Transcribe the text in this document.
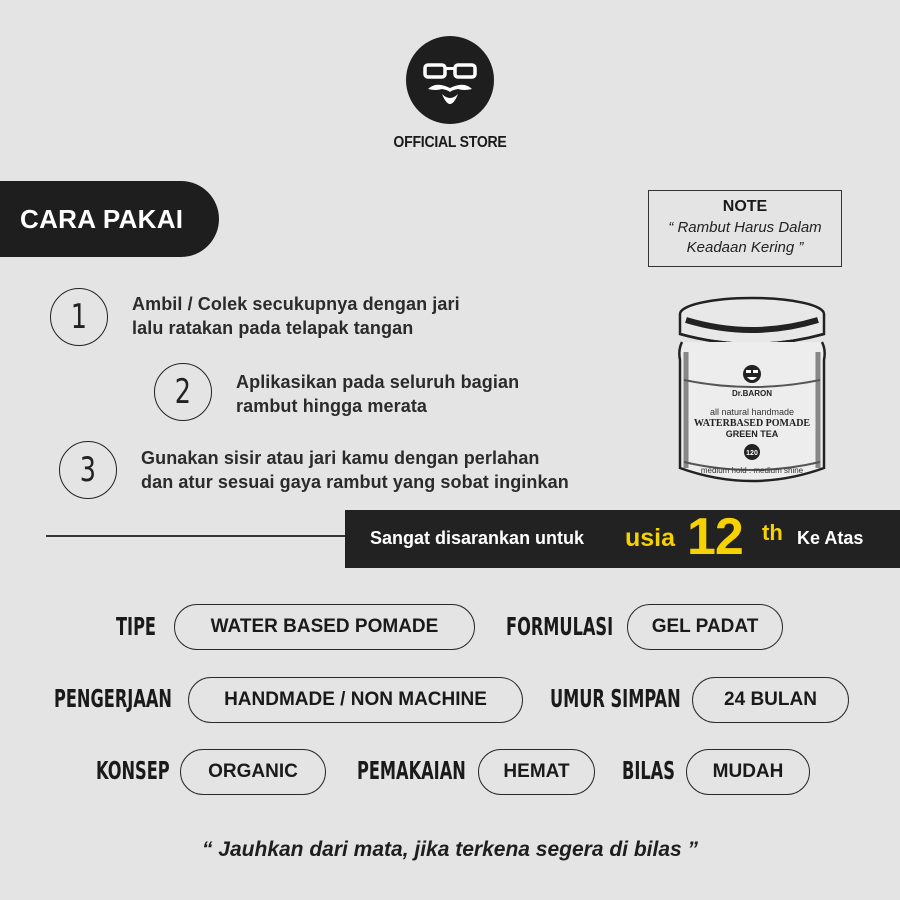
OFFICIAL STORE
CARA PAKAI	NOTE
“ Rambut Harus Dalam
Keadaan Kering ”
1	Ambil / Colek secukupnya dengan jari
lalu ratakan pada telapak tangan
2	Aplikasikan pada seluruh bagian
rambut hingga merata
3	Gunakan sisir atau jari kamu dengan perlahan
dan atur sesuai gaya rambut yang sobat inginkan
Dr.BARON
all natural handmade
WATERBASED POMADE
GREEN TEA
120
medium hold . medium shine
Sangat disarankan untuk usia 12 th Ke Atas
TIPE	WATER BASED POMADE	FORMULASI	GEL PADAT
PENGERJAAN	HANDMADE / NON MACHINE	UMUR SIMPAN	24 BULAN
KONSEP	ORGANIC	PEMAKAIAN	HEMAT	BILAS	MUDAH
“ Jauhkan dari mata, jika terkena segera di bilas ”
